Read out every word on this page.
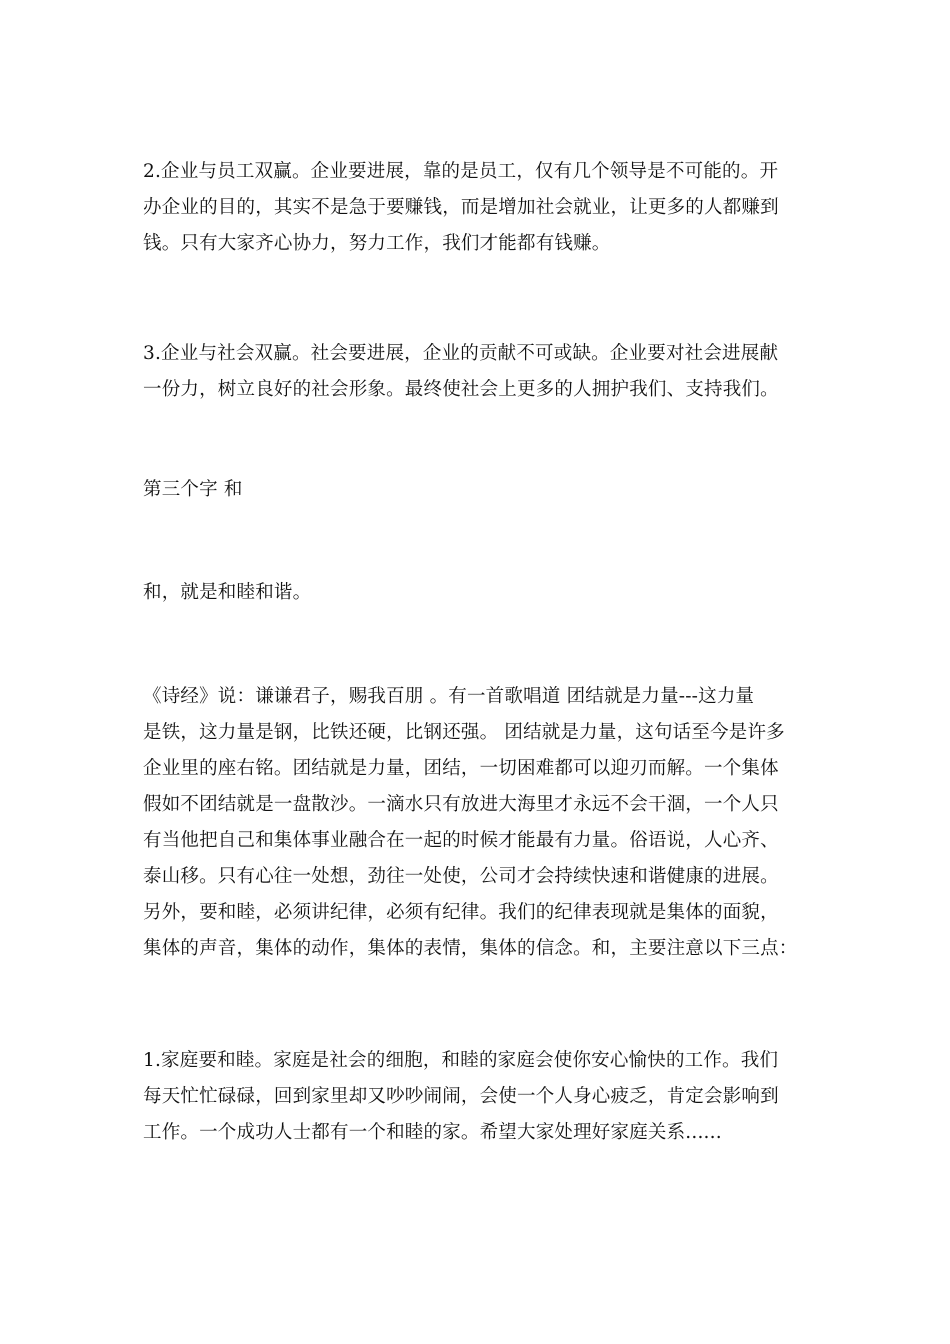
2.企业与员工双赢。企业要进展，靠的是员工，仅有几个领导是不可能的。开
办企业的目的，其实不是急于要赚钱，而是增加社会就业，让更多的人都赚到
钱。只有大家齐心协力，努力工作，我们才能都有钱赚。
3.企业与社会双赢。社会要进展，企业的贡献不可或缺。企业要对社会进展献
一份力，树立良好的社会形象。最终使社会上更多的人拥护我们、支持我们。
第三个字 和
和，就是和睦和谐。
《诗经》说：谦谦君子，赐我百朋 。有一首歌唱道 团结就是力量---这力量
是铁，这力量是钢，比铁还硬，比钢还强。 团结就是力量，这句话至今是许多
企业里的座右铭。团结就是力量，团结，一切困难都可以迎刃而解。一个集体
假如不团结就是一盘散沙。一滴水只有放进大海里才永远不会干涸，一个人只
有当他把自己和集体事业融合在一起的时候才能最有力量。俗语说，人心齐、
泰山移。只有心往一处想，劲往一处使，公司才会持续快速和谐健康的进展。
另外，要和睦，必须讲纪律，必须有纪律。我们的纪律表现就是集体的面貌，
集体的声音，集体的动作，集体的表情，集体的信念。和，主要注意以下三点：
1.家庭要和睦。家庭是社会的细胞，和睦的家庭会使你安心愉快的工作。我们
每天忙忙碌碌，回到家里却又吵吵闹闹，会使一个人身心疲乏，肯定会影响到
工作。一个成功人士都有一个和睦的家。希望大家处理好家庭关系......
